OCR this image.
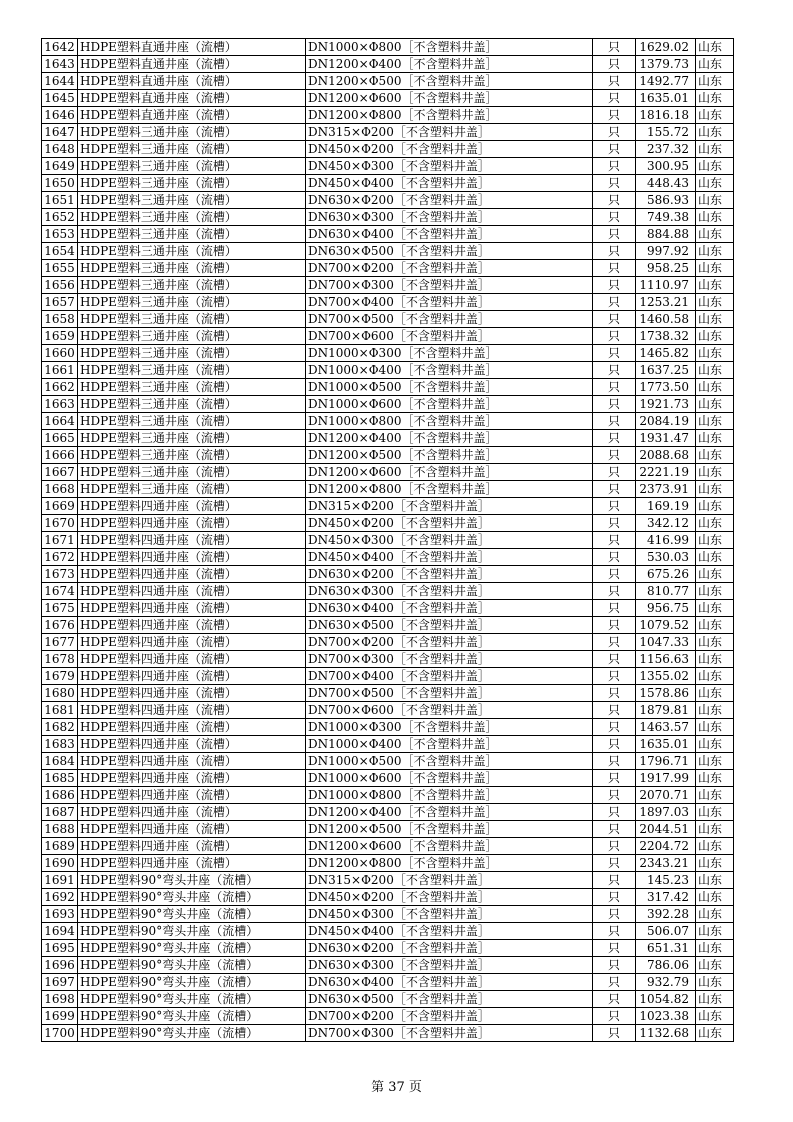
1642	HDPE塑料直通井座（流槽）	DN1000×Φ800［不含塑料井盖］	只	1629.02	山东
1643	HDPE塑料直通井座（流槽）	DN1200×Φ400［不含塑料井盖］	只	1379.73	山东
1644	HDPE塑料直通井座（流槽）	DN1200×Φ500［不含塑料井盖］	只	1492.77	山东
1645	HDPE塑料直通井座（流槽）	DN1200×Φ600［不含塑料井盖］	只	1635.01	山东
1646	HDPE塑料直通井座（流槽）	DN1200×Φ800［不含塑料井盖］	只	1816.18	山东
1647	HDPE塑料三通井座（流槽）	DN315×Φ200［不含塑料井盖］	只	155.72	山东
1648	HDPE塑料三通井座（流槽）	DN450×Φ200［不含塑料井盖］	只	237.32	山东
1649	HDPE塑料三通井座（流槽）	DN450×Φ300［不含塑料井盖］	只	300.95	山东
1650	HDPE塑料三通井座（流槽）	DN450×Φ400［不含塑料井盖］	只	448.43	山东
1651	HDPE塑料三通井座（流槽）	DN630×Φ200［不含塑料井盖］	只	586.93	山东
1652	HDPE塑料三通井座（流槽）	DN630×Φ300［不含塑料井盖］	只	749.38	山东
1653	HDPE塑料三通井座（流槽）	DN630×Φ400［不含塑料井盖］	只	884.88	山东
1654	HDPE塑料三通井座（流槽）	DN630×Φ500［不含塑料井盖］	只	997.92	山东
1655	HDPE塑料三通井座（流槽）	DN700×Φ200［不含塑料井盖］	只	958.25	山东
1656	HDPE塑料三通井座（流槽）	DN700×Φ300［不含塑料井盖］	只	1110.97	山东
1657	HDPE塑料三通井座（流槽）	DN700×Φ400［不含塑料井盖］	只	1253.21	山东
1658	HDPE塑料三通井座（流槽）	DN700×Φ500［不含塑料井盖］	只	1460.58	山东
1659	HDPE塑料三通井座（流槽）	DN700×Φ600［不含塑料井盖］	只	1738.32	山东
1660	HDPE塑料三通井座（流槽）	DN1000×Φ300［不含塑料井盖］	只	1465.82	山东
1661	HDPE塑料三通井座（流槽）	DN1000×Φ400［不含塑料井盖］	只	1637.25	山东
1662	HDPE塑料三通井座（流槽）	DN1000×Φ500［不含塑料井盖］	只	1773.50	山东
1663	HDPE塑料三通井座（流槽）	DN1000×Φ600［不含塑料井盖］	只	1921.73	山东
1664	HDPE塑料三通井座（流槽）	DN1000×Φ800［不含塑料井盖］	只	2084.19	山东
1665	HDPE塑料三通井座（流槽）	DN1200×Φ400［不含塑料井盖］	只	1931.47	山东
1666	HDPE塑料三通井座（流槽）	DN1200×Φ500［不含塑料井盖］	只	2088.68	山东
1667	HDPE塑料三通井座（流槽）	DN1200×Φ600［不含塑料井盖］	只	2221.19	山东
1668	HDPE塑料三通井座（流槽）	DN1200×Φ800［不含塑料井盖］	只	2373.91	山东
1669	HDPE塑料四通井座（流槽）	DN315×Φ200［不含塑料井盖］	只	169.19	山东
1670	HDPE塑料四通井座（流槽）	DN450×Φ200［不含塑料井盖］	只	342.12	山东
1671	HDPE塑料四通井座（流槽）	DN450×Φ300［不含塑料井盖］	只	416.99	山东
1672	HDPE塑料四通井座（流槽）	DN450×Φ400［不含塑料井盖］	只	530.03	山东
1673	HDPE塑料四通井座（流槽）	DN630×Φ200［不含塑料井盖］	只	675.26	山东
1674	HDPE塑料四通井座（流槽）	DN630×Φ300［不含塑料井盖］	只	810.77	山东
1675	HDPE塑料四通井座（流槽）	DN630×Φ400［不含塑料井盖］	只	956.75	山东
1676	HDPE塑料四通井座（流槽）	DN630×Φ500［不含塑料井盖］	只	1079.52	山东
1677	HDPE塑料四通井座（流槽）	DN700×Φ200［不含塑料井盖］	只	1047.33	山东
1678	HDPE塑料四通井座（流槽）	DN700×Φ300［不含塑料井盖］	只	1156.63	山东
1679	HDPE塑料四通井座（流槽）	DN700×Φ400［不含塑料井盖］	只	1355.02	山东
1680	HDPE塑料四通井座（流槽）	DN700×Φ500［不含塑料井盖］	只	1578.86	山东
1681	HDPE塑料四通井座（流槽）	DN700×Φ600［不含塑料井盖］	只	1879.81	山东
1682	HDPE塑料四通井座（流槽）	DN1000×Φ300［不含塑料井盖］	只	1463.57	山东
1683	HDPE塑料四通井座（流槽）	DN1000×Φ400［不含塑料井盖］	只	1635.01	山东
1684	HDPE塑料四通井座（流槽）	DN1000×Φ500［不含塑料井盖］	只	1796.71	山东
1685	HDPE塑料四通井座（流槽）	DN1000×Φ600［不含塑料井盖］	只	1917.99	山东
1686	HDPE塑料四通井座（流槽）	DN1000×Φ800［不含塑料井盖］	只	2070.71	山东
1687	HDPE塑料四通井座（流槽）	DN1200×Φ400［不含塑料井盖］	只	1897.03	山东
1688	HDPE塑料四通井座（流槽）	DN1200×Φ500［不含塑料井盖］	只	2044.51	山东
1689	HDPE塑料四通井座（流槽）	DN1200×Φ600［不含塑料井盖］	只	2204.72	山东
1690	HDPE塑料四通井座（流槽）	DN1200×Φ800［不含塑料井盖］	只	2343.21	山东
1691	HDPE塑料90°弯头井座（流槽）	DN315×Φ200［不含塑料井盖］	只	145.23	山东
1692	HDPE塑料90°弯头井座（流槽）	DN450×Φ200［不含塑料井盖］	只	317.42	山东
1693	HDPE塑料90°弯头井座（流槽）	DN450×Φ300［不含塑料井盖］	只	392.28	山东
1694	HDPE塑料90°弯头井座（流槽）	DN450×Φ400［不含塑料井盖］	只	506.07	山东
1695	HDPE塑料90°弯头井座（流槽）	DN630×Φ200［不含塑料井盖］	只	651.31	山东
1696	HDPE塑料90°弯头井座（流槽）	DN630×Φ300［不含塑料井盖］	只	786.06	山东
1697	HDPE塑料90°弯头井座（流槽）	DN630×Φ400［不含塑料井盖］	只	932.79	山东
1698	HDPE塑料90°弯头井座（流槽）	DN630×Φ500［不含塑料井盖］	只	1054.82	山东
1699	HDPE塑料90°弯头井座（流槽）	DN700×Φ200［不含塑料井盖］	只	1023.38	山东
1700	HDPE塑料90°弯头井座（流槽）	DN700×Φ300［不含塑料井盖］	只	1132.68	山东
第 37 页
